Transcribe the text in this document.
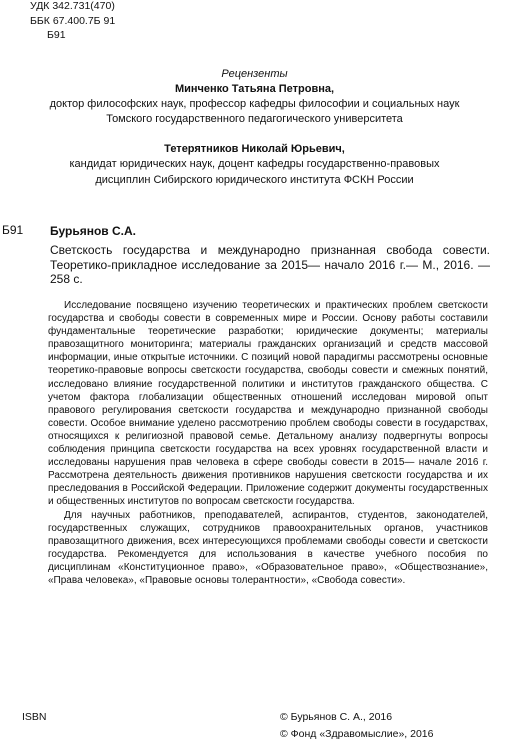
УДК 342.731(470)
ББК 67.400.7Б 91
Б91
Рецензенты
Минченко Татьяна Петровна,
доктор философских наук, профессор кафедры философии и социальных наук
Томского государственного педагогического университета
Тетерятников Николай Юрьевич,
кандидат юридических наук, доцент кафедры государственно-правовых
дисциплин Сибирского юридического института ФСКН России
Б91 Бурьянов С.А.
Светскость государства и международно признанная свобода совести. Теоретико-прикладное исследование за 2015— начало 2016 г.— М., 2016. — 258 с.

Исследование посвящено изучению теоретических и практических проблем светскости государства и свободы совести в современных мире и России. Основу работы составили фундаментальные теоретические разработки; юридические документы; материалы правозащитного мониторинга; материалы гражданских организаций и средств массовой информации, иные открытые источники. С позиций новой парадигмы рассмотрены основные теоретико-правовые вопросы светскости государства, свободы совести и смежных понятий, исследовано влияние государственной политики и институтов гражданского общества. С учетом фактора глобализации общественных отношений исследован мировой опыт правового регулирования светскости государства и международно признанной свободы совести. Особое внимание уделено рассмотрению проблем свободы совести в государствах, относящихся к религиозной правовой семье. Детальному анализу подвергнуты вопросы соблюдения принципа светскости государства на всех уровнях государственной власти и исследованы нарушения прав человека в сфере свободы совести в 2015— начале 2016 г. Рассмотрена деятельность движения противников нарушения светскости государства и их преследования в Российской Федерации. Приложение содержит документы государственных и общественных институтов по вопросам светскости государства.

Для научных работников, преподавателей, аспирантов, студентов, законодателей, государственных служащих, сотрудников правоохранительных органов, участников правозащитного движения, всех интересующихся проблемами свободы совести и светскости государства. Рекомендуется для использования в качестве учебного пособия по дисциплинам «Конституционное право», «Образовательное право», «Обществознание», «Права человека», «Правовые основы толерантности», «Свобода совести».

ISBN	© Бурьянов С. А., 2016
© Фонд «Здравомыслие», 2016
